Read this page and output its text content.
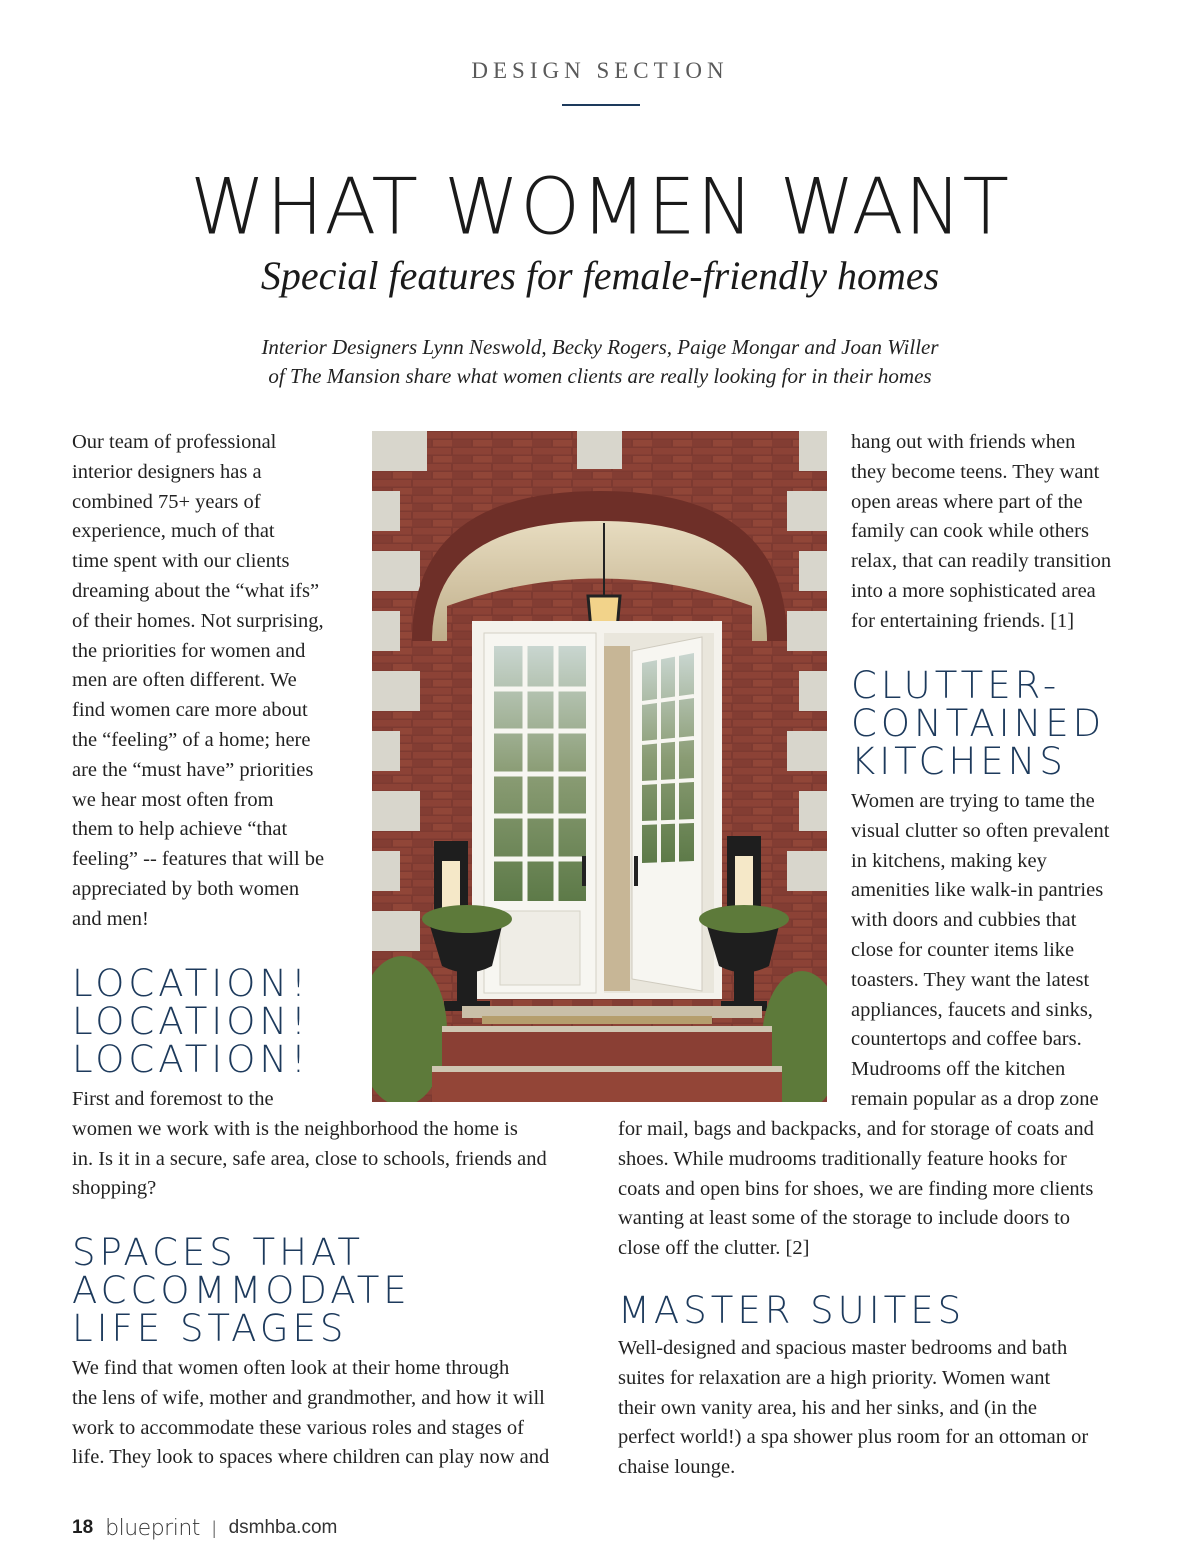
DESIGN SECTION
WHAT WOMEN WANT
Special features for female-friendly homes
Interior Designers Lynn Neswold, Becky Rogers, Paige Mongar and Joan Willer
of The Mansion share what women clients are really looking for in their homes
Our team of professional
interior designers has a
combined 75+ years of
experience, much of that
time spent with our clients
dreaming about the “what ifs”
of their homes. Not surprising,
the priorities for women and
men are often different. We
find women care more about
the “feeling” of a home; here
are the “must have” priorities
we hear most often from
them to help achieve “that
feeling” -- features that will be
appreciated by both women
and men!
LOCATION!
LOCATION!
LOCATION!
First and foremost to the
women we work with is the neighborhood the home is
in. Is it in a secure, safe area, close to schools, friends and
shopping?
SPACES THAT
ACCOMMODATE
LIFE STAGES
We find that women often look at their home through
the lens of wife, mother and grandmother, and how it will
work to accommodate these various roles and stages of
life. They look to spaces where children can play now and
hang out with friends when
they become teens. They want
open areas where part of the
family can cook while others
relax, that can readily transition
into a more sophisticated area
for entertaining friends. [1]
CLUTTER-
CONTAINED
KITCHENS
Women are trying to tame the
visual clutter so often prevalent
in kitchens, making key
amenities like walk-in pantries
with doors and cubbies that
close for counter items like
toasters. They want the latest
appliances, faucets and sinks,
countertops and coffee bars.
Mudrooms off the kitchen
remain popular as a drop zone
for mail, bags and backpacks, and for storage of coats and
shoes. While mudrooms traditionally feature hooks for
coats and open bins for shoes, we are finding more clients
wanting at least some of the storage to include doors to
close off the clutter. [2]
MASTER SUITES
Well-designed and spacious master bedrooms and bath
suites for relaxation are a high priority. Women want
their own vanity area, his and her sinks, and (in the
perfect world!) a spa shower plus room for an ottoman or
chaise lounge.
18 blueprint | dsmhba.com
